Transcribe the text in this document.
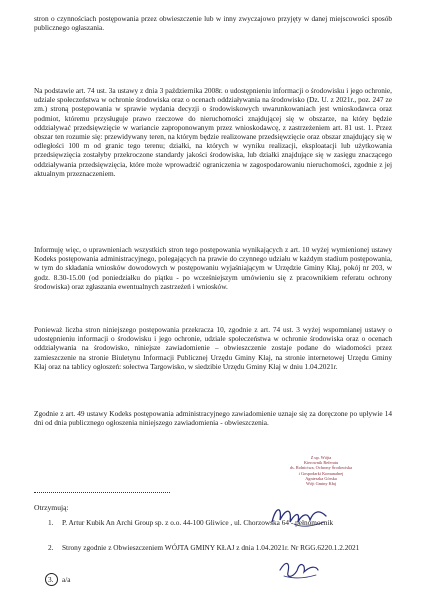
stron o czynnościach postępowania przez obwieszczenie lub w inny zwyczajowo przyjęty w danej miejscowości sposób publicznego ogłaszania.

Na podstawie art. 74 ust. 3a ustawy z dnia 3 października 2008r. o udostępnieniu informacji o środowisku i jego ochronie, udziale społeczeństwa w ochronie środowiska oraz o ocenach oddziaływania na środowisko (Dz. U. z 2021r., poz. 247 ze zm.) stroną postępowania w sprawie wydania decyzji o środowiskowych uwarunkowaniach jest wnioskodawca oraz podmiot, któremu przysługuje prawo rzeczowe do nieruchomości znajdującej się w obszarze, na który będzie oddziaływać przedsięwzięcie w wariancie zaproponowanym przez wnioskodawcę, z zastrzeżeniem art. 81 ust. 1. Przez obszar ten rozumie się: przewidywany teren, na którym będzie realizowane przedsięwzięcie oraz obszar znajdujący się w odległości 100 m od granic tego terenu; działki, na których w wyniku realizacji, eksploatacji lub użytkowania przedsięwzięcia zostałyby przekroczone standardy jakości środowiska, lub działki znajdujące się w zasięgu znaczącego oddziaływania przedsięwzięcia, które może wprowadzić ograniczenia w zagospodarowaniu nieruchomości, zgodnie z jej aktualnym przeznaczeniem.

Informuję więc, o uprawnieniach wszystkich stron tego postępowania wynikających z art. 10 wyżej wymienionej ustawy Kodeks postępowania administracyjnego, polegających na prawie do czynnego udziału w każdym stadium postępowania, w tym do składania wniosków dowodowych w postępowaniu wyjaśniającym w Urzędzie Gminy Kłaj, pokój nr 203, w godz. 8.30-15.00 (od poniedziałku do piątku - po wcześniejszym umówieniu się z pracownikiem referatu ochrony środowiska) oraz zgłaszania ewentualnych zastrzeżeń i wniosków.

Ponieważ liczba stron niniejszego postępowania przekracza 10, zgodnie z art. 74 ust. 3 wyżej wspomnianej ustawy o udostępnieniu informacji o środowisku i jego ochronie, udziale społeczeństwa w ochronie środowiska oraz o ocenach oddziaływania na środowisko, niniejsze zawiadomienie – obwieszczenie zostaje podane do wiadomości przez zamieszczenie na stronie Biuletynu Informacji Publicznej Urzędu Gminy Kłaj, na stronie internetowej Urzędu Gminy Kłaj oraz na tablicy ogłoszeń: sołectwa Targowisko, w siedzibie Urzędu Gminy Kłaj w dniu 1.04.2021r.

Zgodnie z art. 49 ustawy Kodeks postępowania administracyjnego zawiadomienie uznaje się za doręczone po upływie 14 dni od dnia publicznego ogłoszenia niniejszego zawiadomienia - obwieszczenia.

Z up. Wójta
Kierownik Referatu
ds. Rolnictwa, Ochrony Środowiska
i Gospodarki Komunalnej
Agnieszka Górska
Wójt Gminy Kłaj

Otrzymują:

1. P. Artur Kubik An Archi Group sp. z o.o. 44-100 Gliwice , ul. Chorzowska 64 - pełnomocnik

2. Strony zgodnie z Obwieszczeniem WÓJTA GMINY KŁAJ z dnia 1.04.2021r. Nr RGG.6220.1.2.2021

3. a/a
